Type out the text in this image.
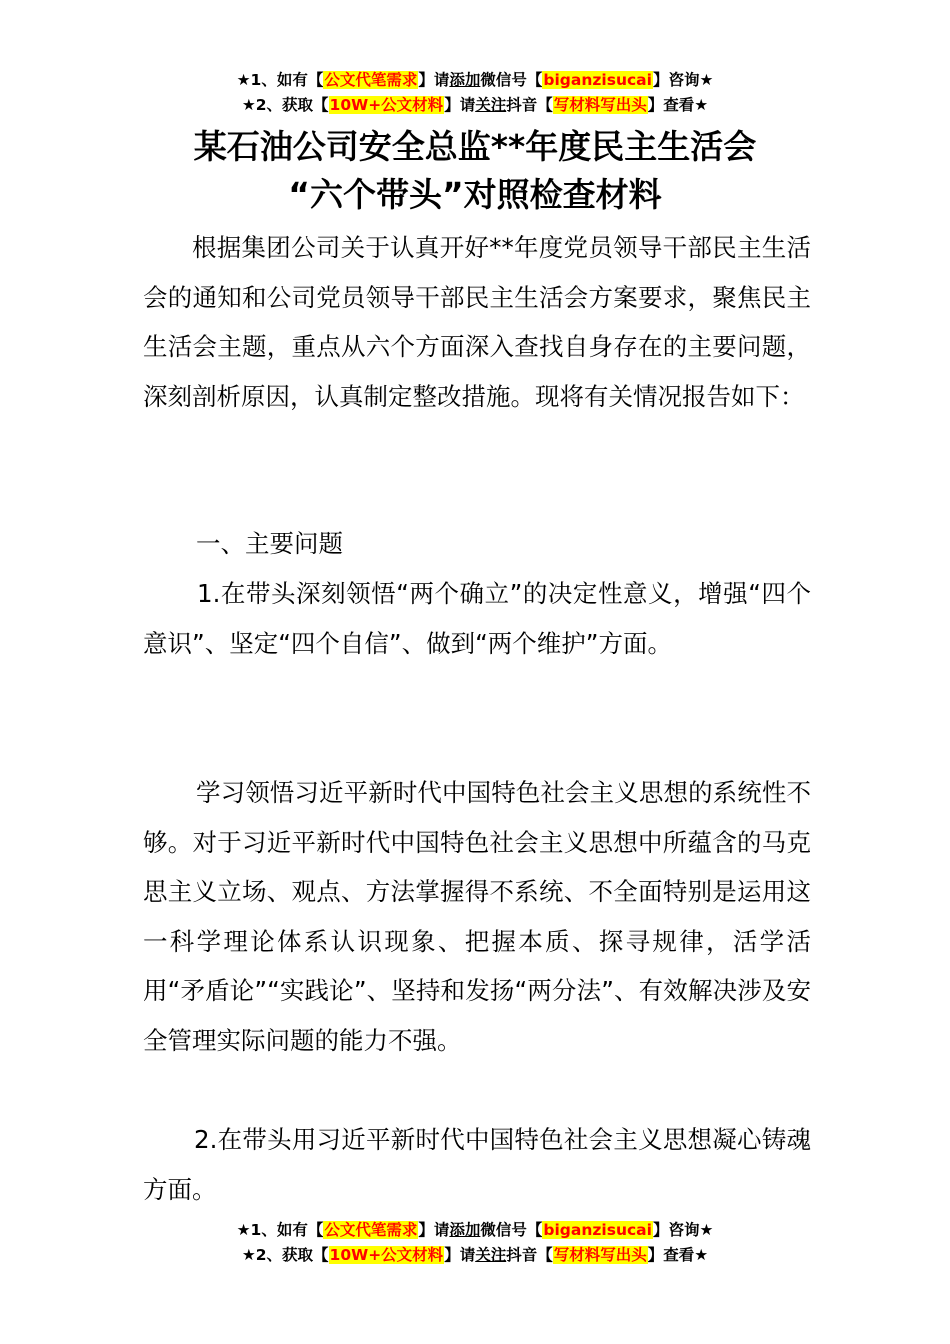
★1、如有【公文代笔需求】请添加微信号【biganzisucai】咨询★
★2、获取【10W+公文材料】请关注抖音【写材料写出头】查看★
某石油公司安全总监**年度民主生活会
“六个带头”对照检查材料

根据集团公司关于认真开好**年度党员领导干部民主生活会的通知和公司党员领导干部民主生活会方案要求，聚焦民主生活会主题，重点从六个方面深入查找自身存在的主要问题，深刻剖析原因，认真制定整改措施。现将有关情况报告如下：

一、主要问题

1.在带头深刻领悟“两个确立”的决定性意义，增强“四个意识”、坚定“四个自信”、做到“两个维护”方面。

学习领悟习近平新时代中国特色社会主义思想的系统性不够。对于习近平新时代中国特色社会主义思想中所蕴含的马克思主义立场、观点、方法掌握得不系统、不全面特别是运用这一科学理论体系认识现象、把握本质、探寻规律，活学活用“矛盾论”“实践论”、坚持和发扬“两分法”、有效解决涉及安全管理实际问题的能力不强。

2.在带头用习近平新时代中国特色社会主义思想凝心铸魂方面。

★1、如有【公文代笔需求】请添加微信号【biganzisucai】咨询★
★2、获取【10W+公文材料】请关注抖音【写材料写出头】查看★
